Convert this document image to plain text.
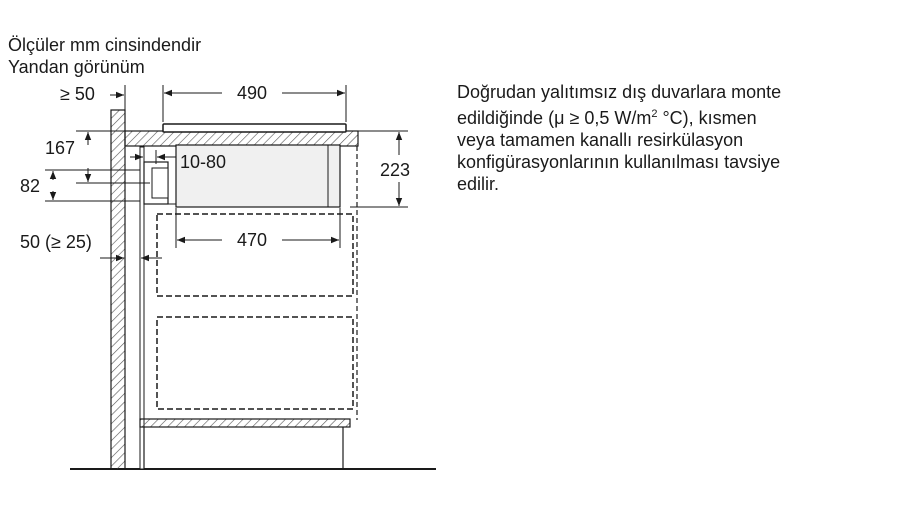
Ölçüler mm cinsindendir
Yandan görünüm
Doğrudan yalıtımsız dış duvarlara monte
edildiğinde (μ ≥ 0,5 $W/m^2$ °C), kısmen
veya tamamen kanallı resirkülasyon
konfigürasyonlarının kullanılması tavsiye
edilir.
≥ 50	490
167
10-80
82
223
470
50 (≥ 25)
